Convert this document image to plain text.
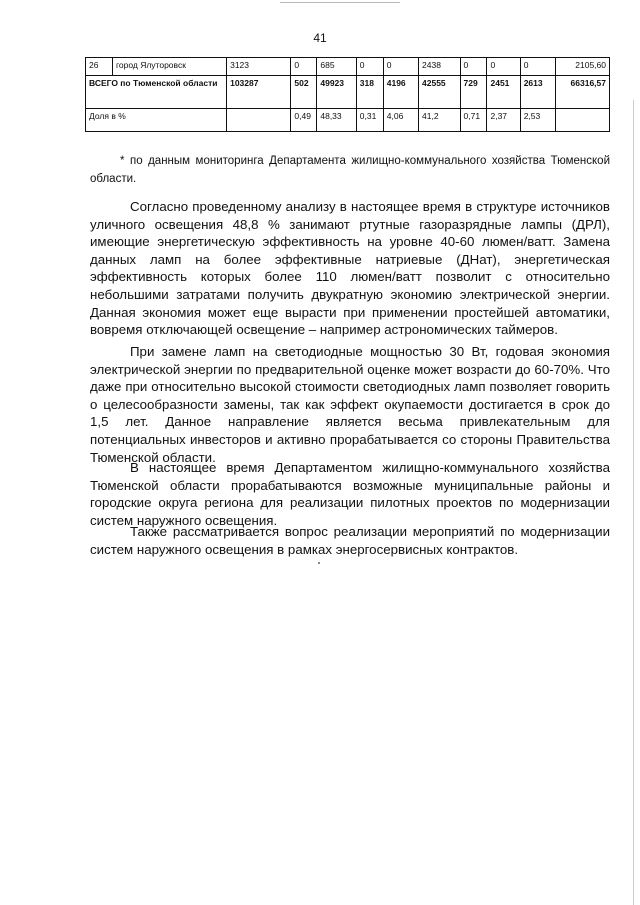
41
26	город Ялуторовск	3123	0	685	0	0	2438	0	0	0	2105,60
ВСЕГО по Тюменской области		103287	502	49923	318	4196	42555	729	2451	2613	66316,57
Доля в %			0,49	48,33	0,31	4,06	41,2	0,71	2,37	2,53	
* по данным мониторинга Департамента жилищно-коммунального хозяйства Тюменской области.

Согласно проведенному анализу в настоящее время в структуре источников уличного освещения 48,8 % занимают ртутные газоразрядные лампы (ДРЛ), имеющие энергетическую эффективность на уровне 40-60 люмен/ватт. Замена данных ламп на более эффективные натриевые (ДНат), энергетическая эффективность которых более 110 люмен/ватт позволит с относительно небольшими затратами получить двукратную экономию электрической энергии. Данная экономия может еще вырасти при применении простейшей автоматики, вовремя отключающей освещение – например астрономических таймеров.

При замене ламп на светодиодные мощностью 30 Вт, годовая экономия электрической энергии по предварительной оценке может возрасти до 60-70%. Что даже при относительно высокой стоимости светодиодных ламп позволяет говорить о целесообразности замены, так как эффект окупаемости достигается в срок до 1,5 лет. Данное направление является весьма привлекательным для потенциальных инвесторов и активно прорабатывается со стороны Правительства Тюменской области.

В настоящее время Департаментом жилищно-коммунального хозяйства Тюменской области прорабатываются возможные муниципальные районы и городские округа региона для реализации пилотных проектов по модернизации систем наружного освещения.

Также рассматривается вопрос реализации мероприятий по модернизации систем наружного освещения в рамках энергосервисных контрактов.
